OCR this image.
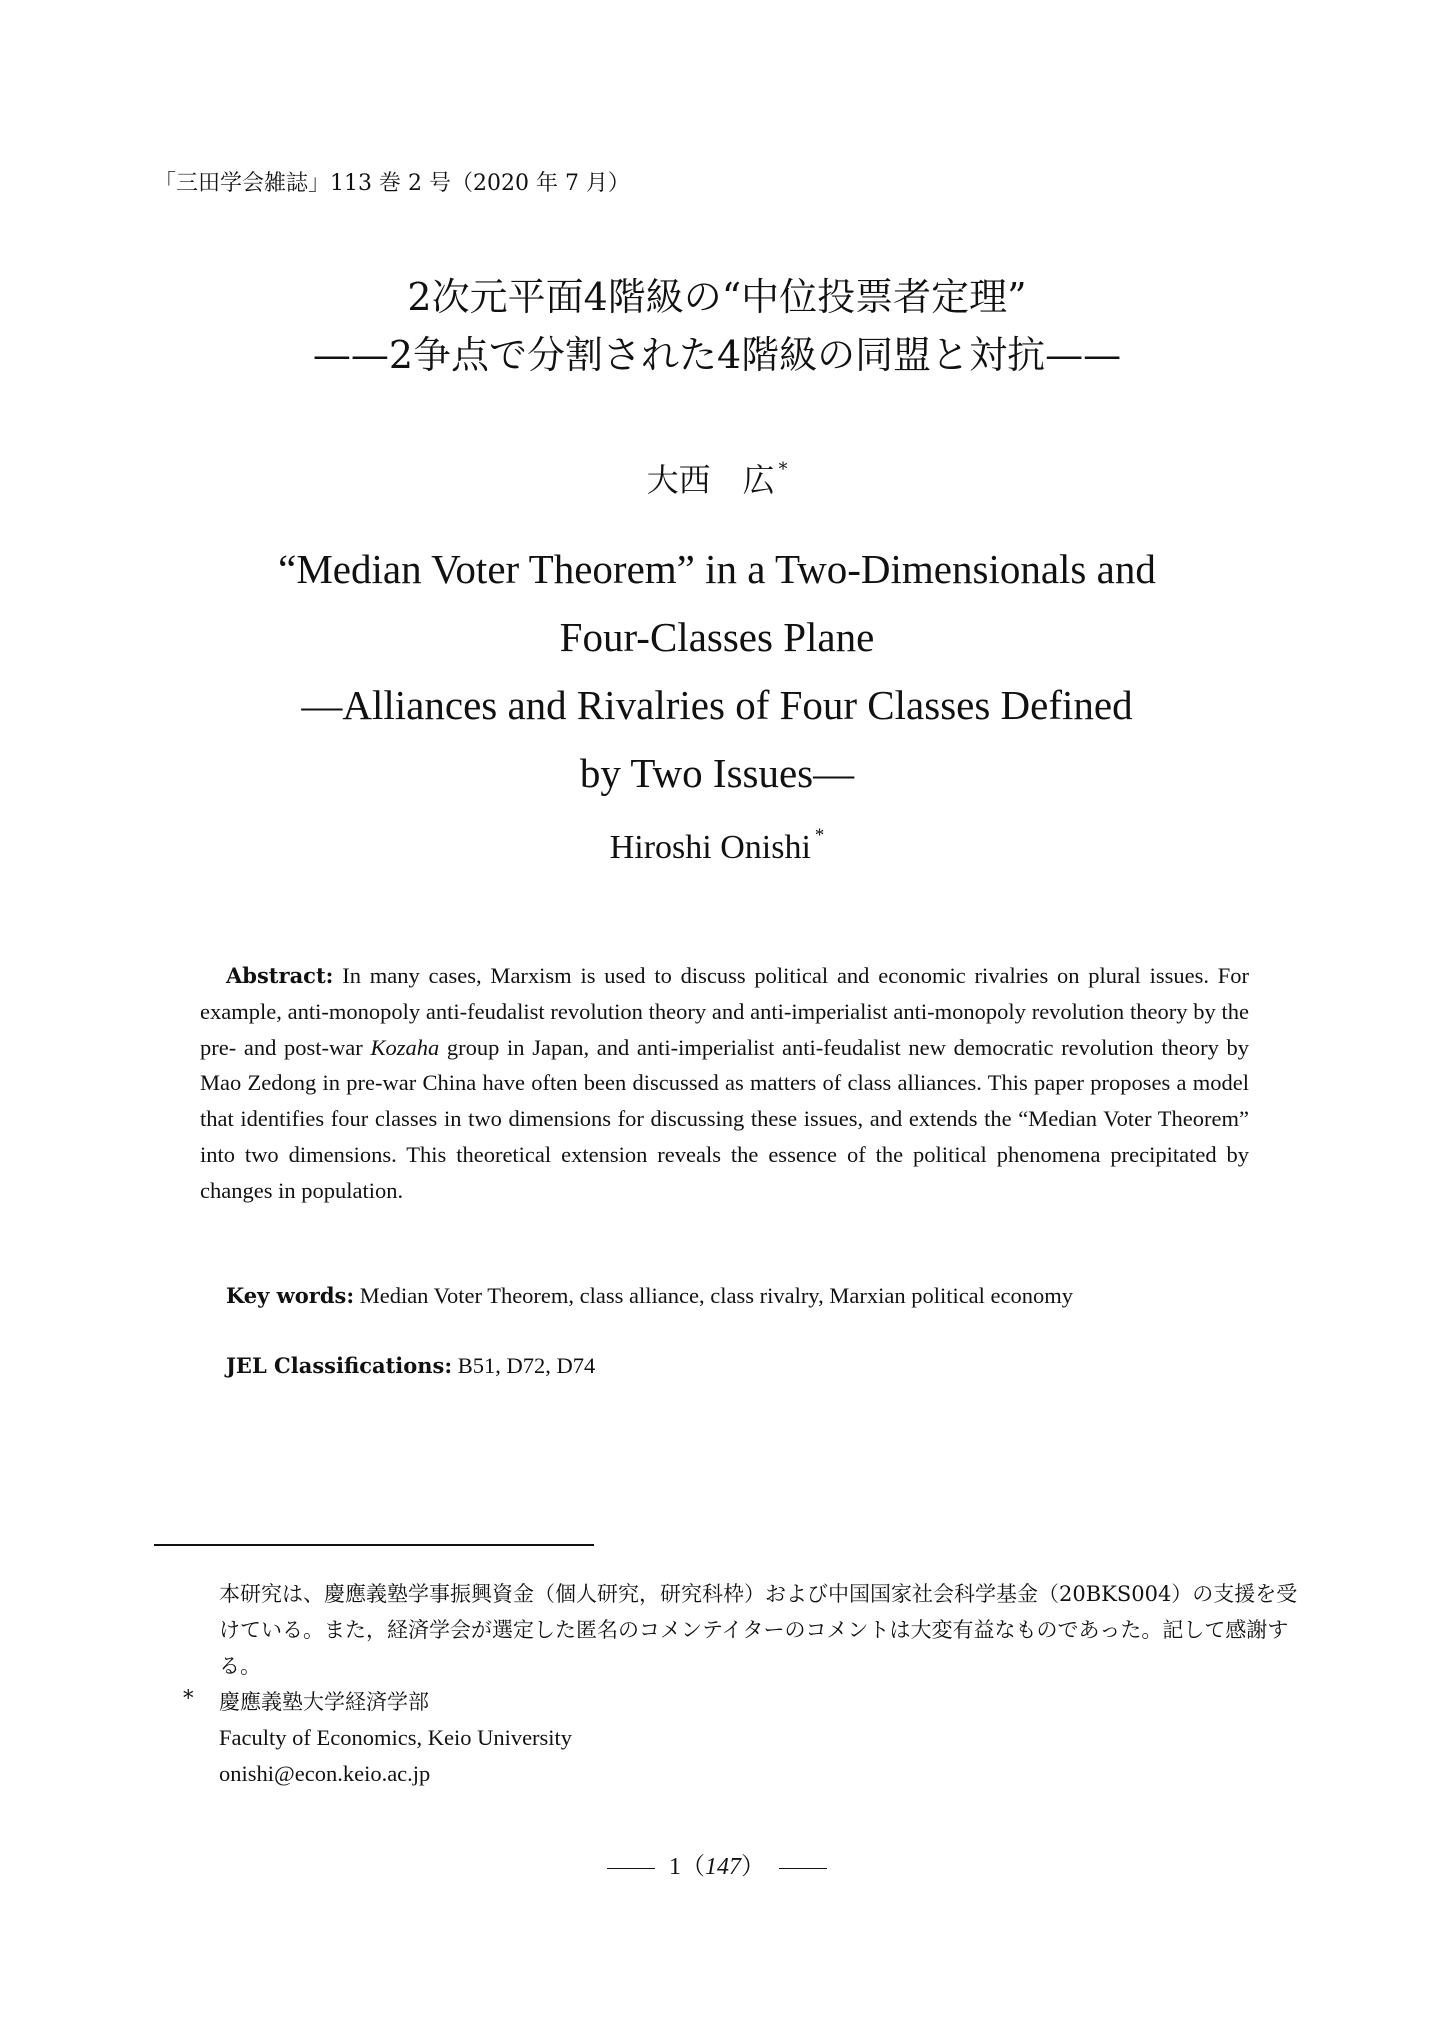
「三田学会雑誌」113 巻 2 号（2020 年 7 月）
2次元平面4階級の“中位投票者定理”
——2争点で分割された4階級の同盟と対抗——
大西　広 *
“Median Voter Theorem” in a Two-Dimensionals and
Four-Classes Plane
—Alliances and Rivalries of Four Classes Defined
by Two Issues—
Hiroshi Onishi *
Abstract: In many cases, Marxism is used to discuss political and economic rivalries on plural issues. For example, anti-monopoly anti-feudalist revolution theory and anti-imperialist anti-monopoly revolution theory by the pre- and post-war Kozaha group in Japan, and anti-imperialist anti-feudalist new democratic revolution theory by Mao Zedong in pre-war China have often been discussed as matters of class alliances. This paper proposes a model that identifies four classes in two dimensions for discussing these issues, and extends the “Median Voter Theorem” into two dimensions. This theoretical extension reveals the essence of the political phenomena precipitated by changes in population.
Key words: Median Voter Theorem, class alliance, class rivalry, Marxian political economy
JEL Classifications: B51, D72, D74
本研究は、慶應義塾学事振興資金（個人研究，研究科枠）および中国国家社会科学基金（20BKS004）の支援を受けている。また，経済学会が選定した匿名のコメンテイターのコメントは大変有益なものであった。記して感謝する。
* 慶應義塾大学経済学部
Faculty of Economics, Keio University
onishi@econ.keio.ac.jp
1（147）
